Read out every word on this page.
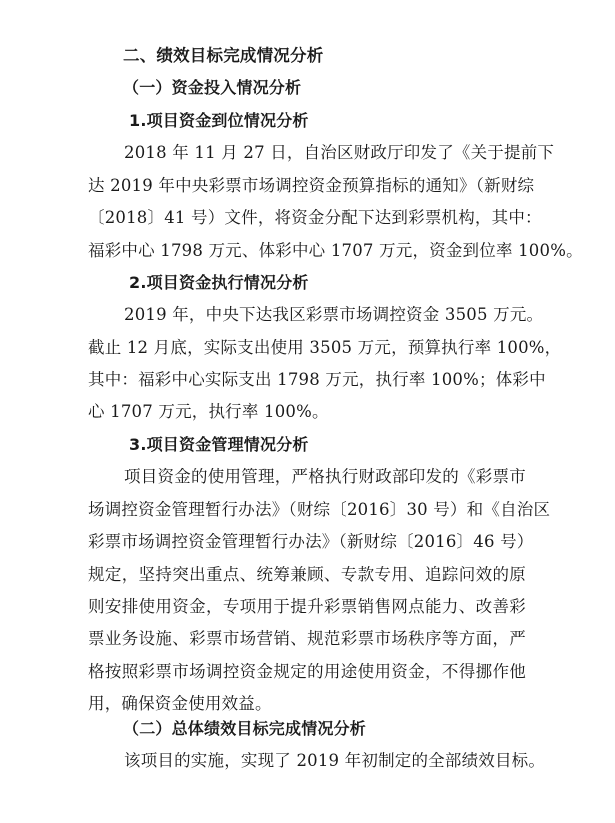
二、绩效目标完成情况分析
（一）资金投入情况分析
1.项目资金到位情况分析
2018 年 11 月 27 日，自治区财政厅印发了《关于提前下
达 2019 年中央彩票市场调控资金预算指标的通知》（新财综
〔2018〕41 号）文件，将资金分配下达到彩票机构，其中：
福彩中心 1798 万元、体彩中心 1707 万元，资金到位率 100%。
2.项目资金执行情况分析
2019 年，中央下达我区彩票市场调控资金 3505 万元。
截止 12 月底，实际支出使用 3505 万元，预算执行率 100%，
其中：福彩中心实际支出 1798 万元，执行率 100%；体彩中
心 1707 万元，执行率 100%。
3.项目资金管理情况分析
项目资金的使用管理，严格执行财政部印发的《彩票市
场调控资金管理暂行办法》（财综〔2016〕30 号）和《自治区
彩票市场调控资金管理暂行办法》（新财综〔2016〕46 号）
规定，坚持突出重点、统筹兼顾、专款专用、追踪问效的原
则安排使用资金，专项用于提升彩票销售网点能力、改善彩
票业务设施、彩票市场营销、规范彩票市场秩序等方面，严
格按照彩票市场调控资金规定的用途使用资金，不得挪作他
用，确保资金使用效益。
（二）总体绩效目标完成情况分析
该项目的实施，实现了 2019 年初制定的全部绩效目标。
